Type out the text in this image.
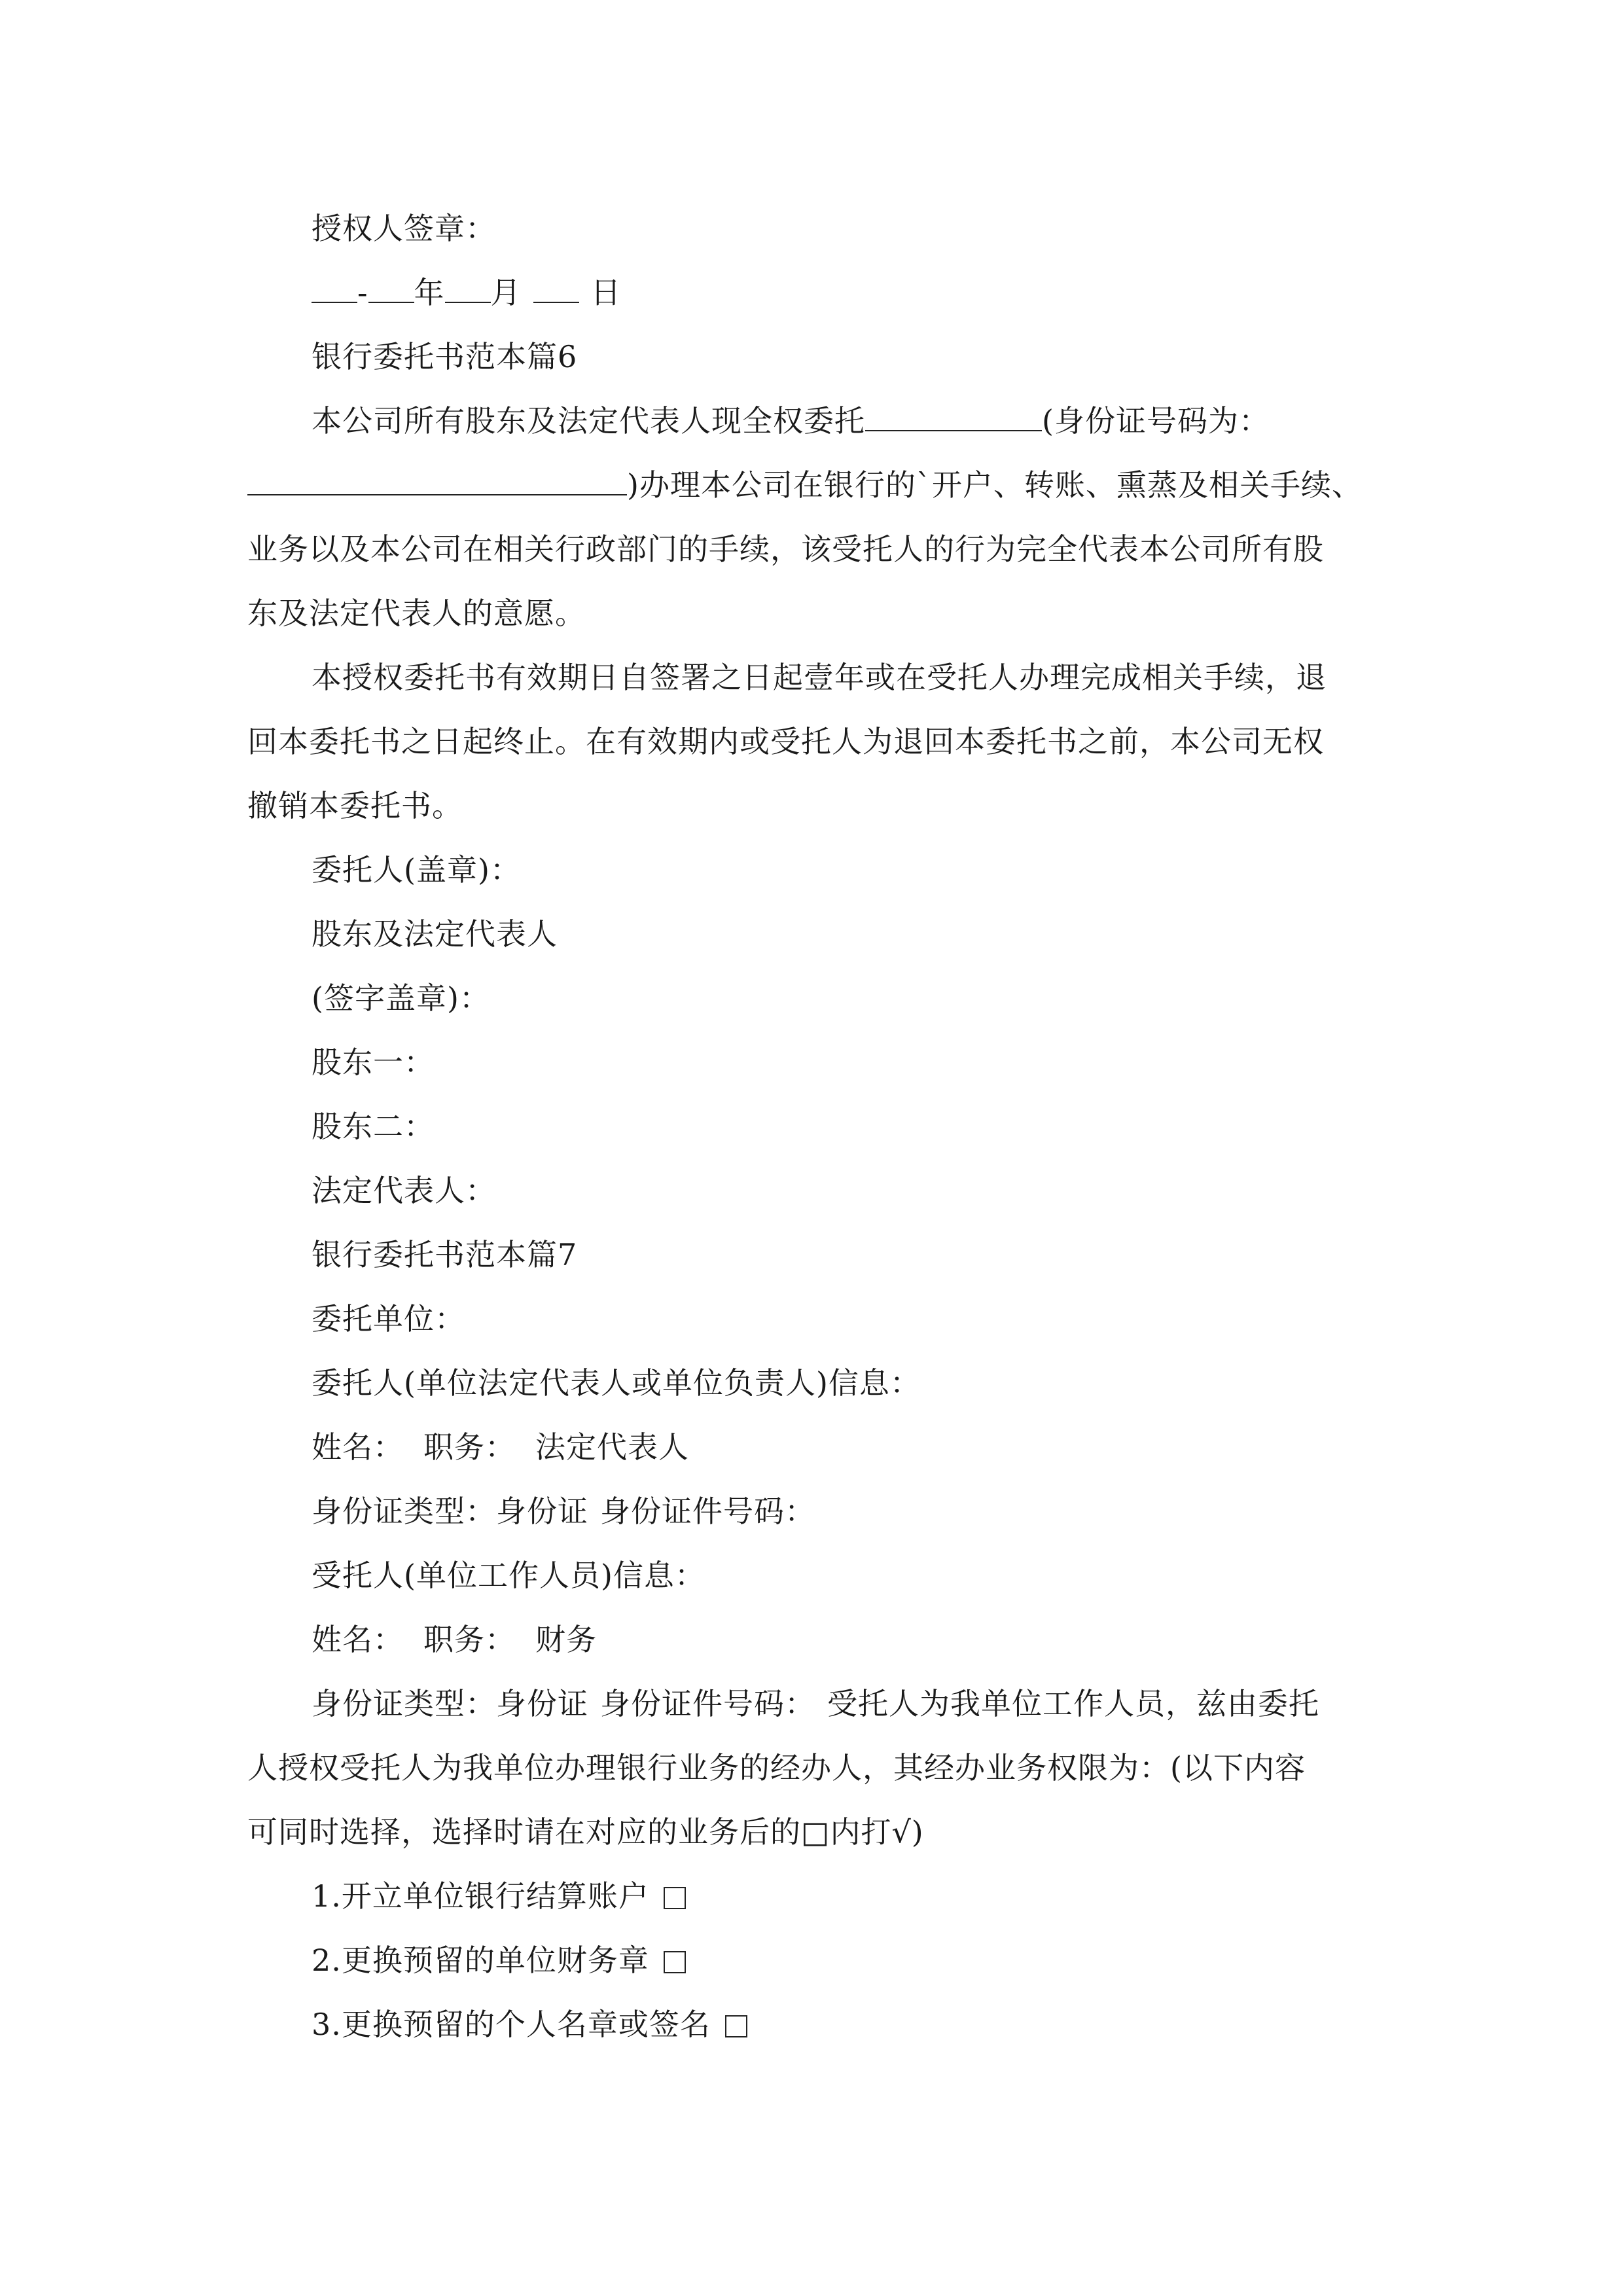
授权人签章：
- 年 月 日
银行委托书范本篇6
本公司所有股东及法定代表人现全权委托	(身份证号码为：
)办理本公司在银行的`开户、转账、熏蒸及相关手续、
业务以及本公司在相关行政部门的手续，该受托人的行为完全代表本公司所有股
东及法定代表人的意愿。
本授权委托书有效期日自签署之日起壹年或在受托人办理完成相关手续，退
回本委托书之日起终止。在有效期内或受托人为退回本委托书之前，本公司无权
撤销本委托书。
委托人(盖章)：
股东及法定代表人
(签字盖章)：
股东一：
股东二：
法定代表人：
银行委托书范本篇7
委托单位：
委托人(单位法定代表人或单位负责人)信息：
姓名： 职务： 法定代表人
身份证类型：身份证 身份证件号码：
受托人(单位工作人员)信息：
姓名： 职务： 财务
身份证类型：身份证 身份证件号码： 受托人为我单位工作人员，兹由委托
人授权受托人为我单位办理银行业务的经办人，其经办业务权限为：(以下内容
可同时选择，选择时请在对应的业务后的□内打√)
1.开立单位银行结算账户
2.更换预留的单位财务章
3.更换预留的个人名章或签名
